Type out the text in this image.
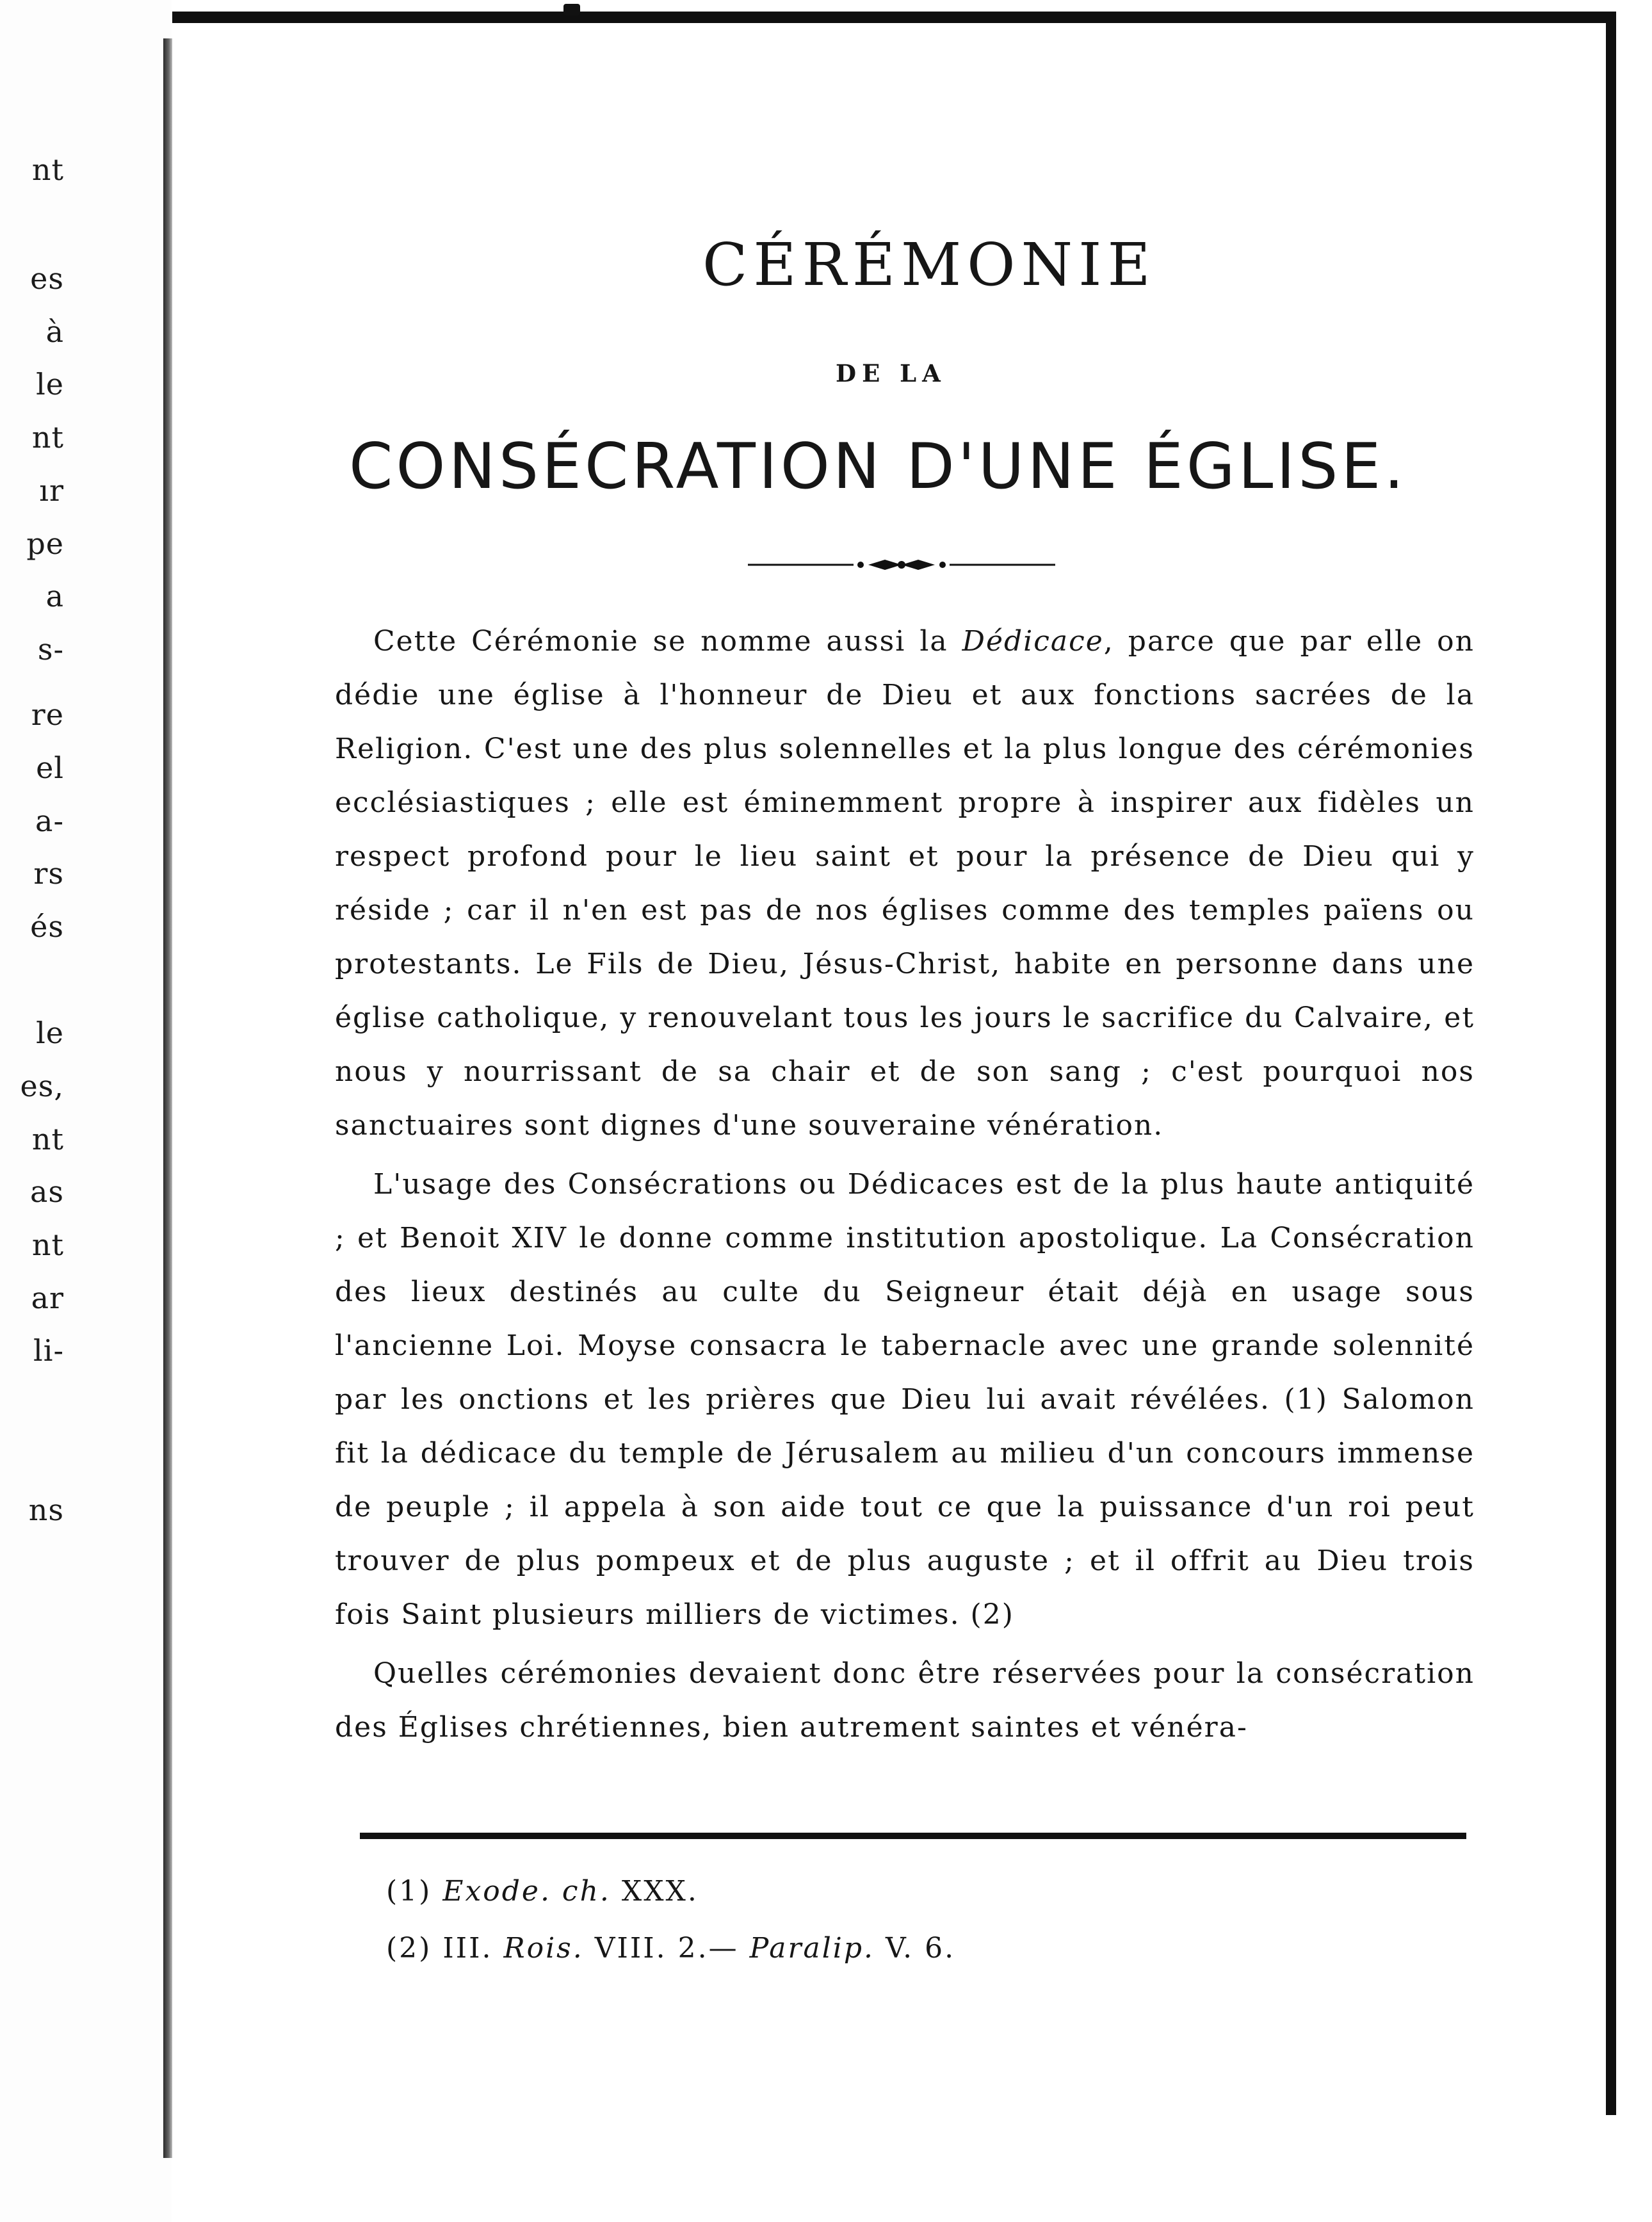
nt
es
à
le
nt
ır
pe
a
s-
re
el
a-
rs
és
le
es,
nt
as
nt
ar
li-
ns
CÉRÉMONIE
DE LA
CONSÉCRATION D'UNE ÉGLISE.

Cette Cérémonie se nomme aussi la Dédicace, parce que par elle on dédie une église à l'honneur de Dieu et aux fonctions sacrées de la Religion. C'est une des plus solennelles et la plus longue des cérémonies ecclésiastiques ; elle est éminemment propre à inspirer aux fidèles un respect profond pour le lieu saint et pour la présence de Dieu qui y réside ; car il n'en est pas de nos églises comme des temples païens ou protestants. Le Fils de Dieu, Jésus-Christ, habite en personne dans une église catholique, y renouvelant tous les jours le sacrifice du Calvaire, et nous y nourrissant de sa chair et de son sang ; c'est pourquoi nos sanctuaires sont dignes d'une souveraine vénération.

L'usage des Consécrations ou Dédicaces est de la plus haute antiquité ; et Benoit XIV le donne comme institution apostolique. La Consécration des lieux destinés au culte du Seigneur était déjà en usage sous l'ancienne Loi. Moyse consacra le tabernacle avec une grande solennité par les onctions et les prières que Dieu lui avait révélées. (1) Salomon fit la dédicace du temple de Jérusalem au milieu d'un concours immense de peuple ; il appela à son aide tout ce que la puissance d'un roi peut trouver de plus pompeux et de plus auguste ; et il offrit au Dieu trois fois Saint plusieurs milliers de victimes. (2)

Quelles cérémonies devaient donc être réservées pour la consécration des Églises chrétiennes, bien autrement saintes et vénéra-

(1) Exode. ch. XXX.
(2) III. Rois. VIII. 2.— Paralip. V. 6.
